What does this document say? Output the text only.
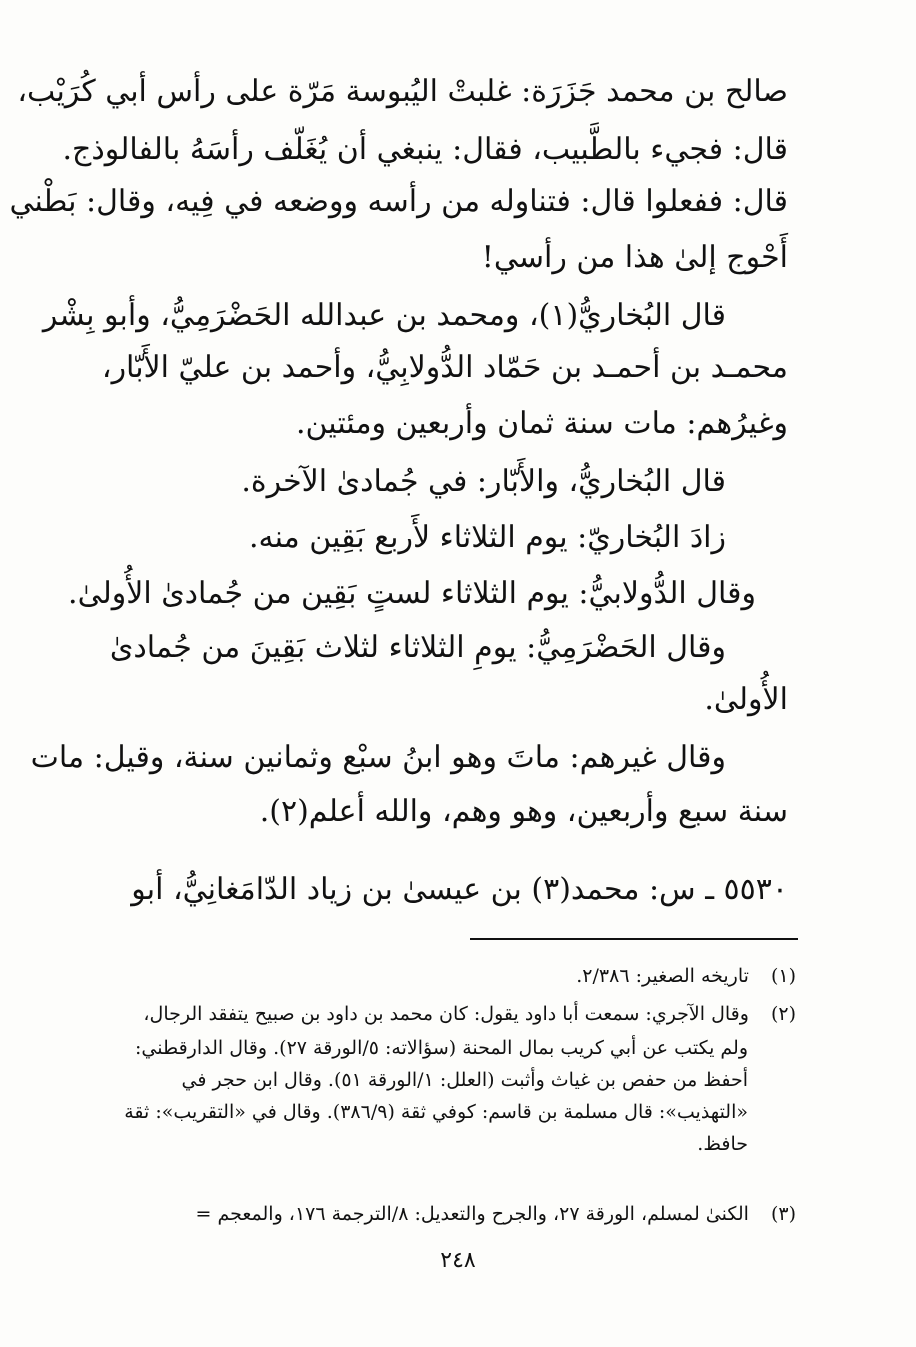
صالح بن محمد جَزَرَة: غلبتْ اليُبوسة مَرّة على رأس أبي كُرَيْب،
قال: فجيء بالطَّبيب، فقال: ينبغي أن يُغَلّف رأسَهُ بالفالوذج.
قال: ففعلوا قال: فتناوله من رأسه ووضعه في فِيه، وقال: بَطْني
أَحْوج إلىٰ هذا من رأسي!
قال البُخاريُّ(١)، ومحمد بن عبدالله الحَضْرَمِيُّ، وأبو بِشْر
محمـد بن أحمـد بن حَمّاد الدُّولابِيُّ، وأحمد بن عليّ الأَبّار،
وغيرُهم: مات سنة ثمان وأربعين ومئتين.
قال البُخاريُّ، والأَبّار: في جُمادىٰ الآخرة.
زادَ البُخاريّ: يوم الثلاثاء لأَربع بَقِين منه.
وقال الدُّولابيُّ: يوم الثلاثاء لستٍ بَقِين من جُمادىٰ الأُولىٰ.
وقال الحَضْرَمِيُّ: يومِ الثلاثاء لثلاث بَقِينَ من جُمادىٰ
الأُولىٰ.
وقال غيرهم: ماتَ وهو ابنُ سبْع وثمانين سنة، وقيل: مات
سنة سبع وأربعين، وهو وهم، والله أعلم(٢).
٥٥٣٠ ـ س: محمد(٣) بن عيسىٰ بن زياد الدّامَغانِيُّ، أبو
(١)تاريخه الصغير: ٢/٣٨٦.
(٢)وقال الآجري: سمعت أبا داود يقول: كان محمد بن داود بن صبيح يتفقد الرجال،
ولم يكتب عن أبي كريب بمال المحنة (سؤالاته: ٥/الورقة ٢٧). وقال الدارقطني:
أحفظ من حفص بن غياث وأثبت (العلل: ١/الورقة ٥١). وقال ابن حجر في
«التهذيب»: قال مسلمة بن قاسم: كوفي ثقة (٣٨٦/٩). وقال في «التقريب»: ثقة
حافظ.
(٣)الكنىٰ لمسلم، الورقة ٢٧، والجرح والتعديل: ٨/الترجمة ١٧٦، والمعجم =
٢٤٨
